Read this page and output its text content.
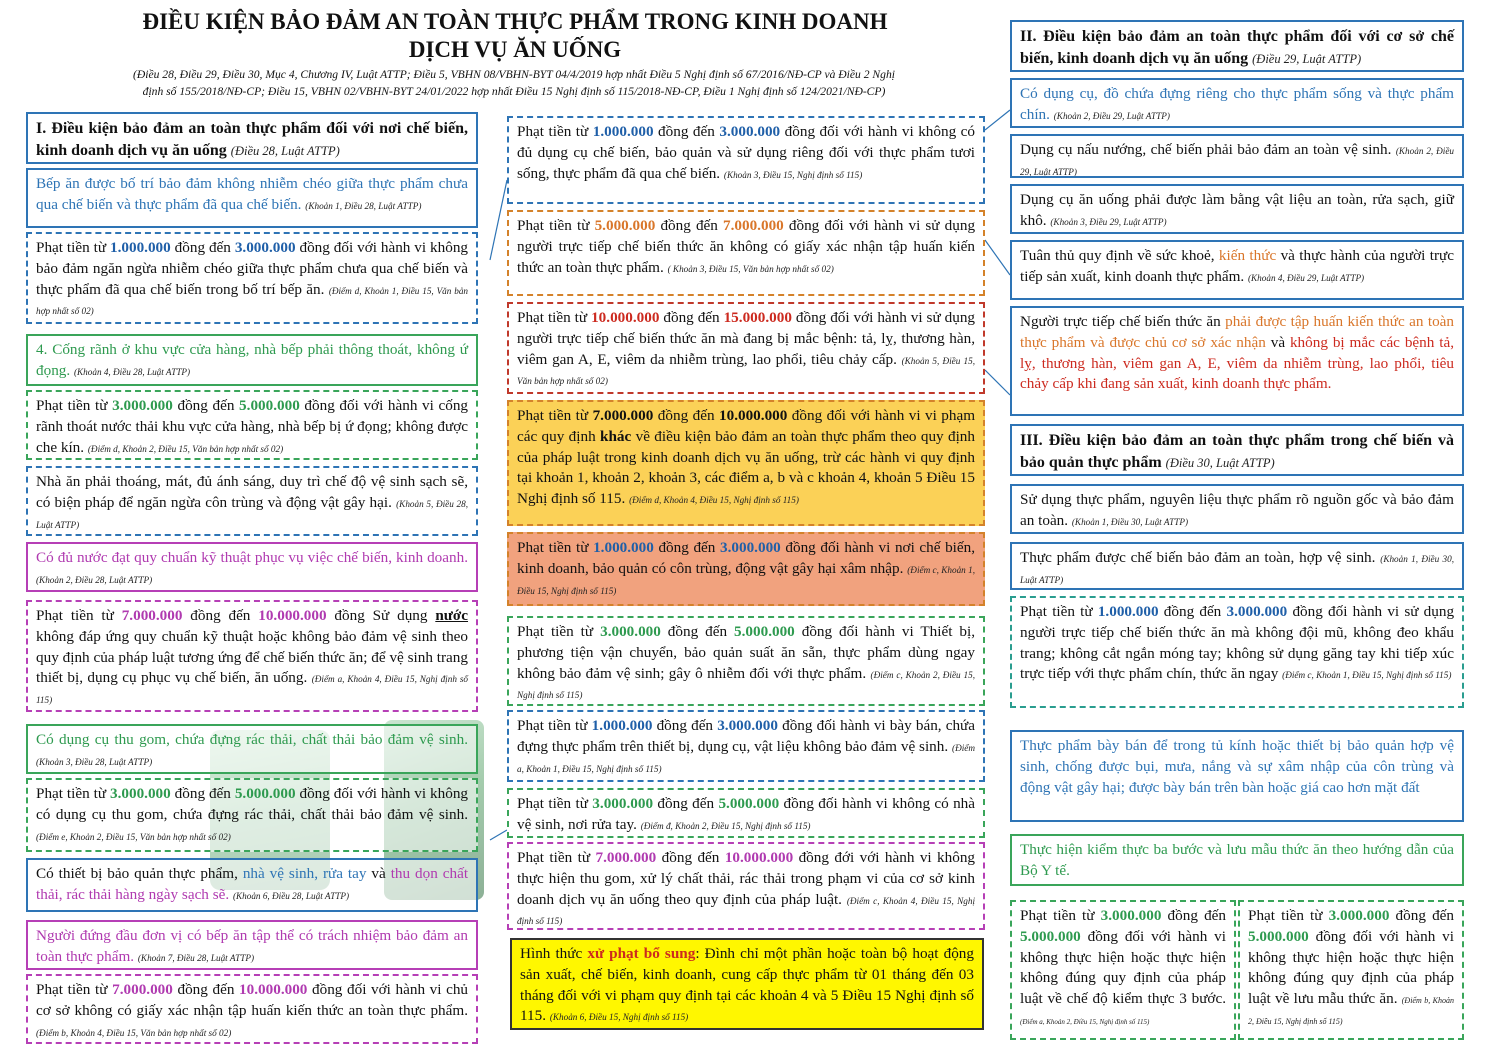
ĐIỀU KIỆN BẢO ĐẢM AN TOÀN THỰC PHẨM TRONG KINH DOANH
DỊCH VỤ ĂN UỐNG
(Điều 28, Điều 29, Điều 30, Mục 4, Chương IV, Luật ATTP; Điều 5, VBHN 08/VBHN-BYT 04/4/2019 hợp nhất Điều 5 Nghị định số 67/2016/NĐ-CP và Điều 2 Nghị
định số 155/2018/NĐ-CP; Điều 15, VBHN 02/VBHN-BYT 24/01/2022 hợp nhất Điều 15 Nghị định số 115/2018-NĐ-CP, Điều 1 Nghị định số 124/2021/NĐ-CP)
I. Điều kiện bảo đảm an toàn thực phẩm đối với nơi chế biến, kinh doanh dịch vụ ăn uống (Điều 28, Luật ATTP)
Bếp ăn được bố trí bảo đảm không nhiễm chéo giữa thực phẩm chưa qua chế biến và thực phẩm đã qua chế biến. (Khoản 1, Điều 28, Luật ATTP)
Phạt tiền từ 1.000.000 đồng đến 3.000.000 đồng đối với hành vi không bảo đảm ngăn ngừa nhiễm chéo giữa thực phẩm chưa qua chế biến và thực phẩm đã qua chế biến trong bố trí bếp ăn. (Điểm d, Khoản 1, Điều 15, Văn bản hợp nhất số 02)
4. Cống rãnh ở khu vực cửa hàng, nhà bếp phải thông thoát, không ứ đọng. (Khoản 4, Điều 28, Luật ATTP)
Phạt tiền từ 3.000.000 đồng đến 5.000.000 đồng đối với hành vi cống rãnh thoát nước thải khu vực cửa hàng, nhà bếp bị ứ đọng; không được che kín. (Điểm d, Khoản 2, Điều 15, Văn bản hợp nhất số 02)
Nhà ăn phải thoáng, mát, đủ ánh sáng, duy trì chế độ vệ sinh sạch sẽ, có biện pháp để ngăn ngừa côn trùng và động vật gây hại. (Khoản 5, Điều 28, Luật ATTP)
Có đủ nước đạt quy chuẩn kỹ thuật phục vụ việc chế biến, kinh doanh. (Khoản 2, Điều 28, Luật ATTP)
Phạt tiền từ 7.000.000 đồng đến 10.000.000 đồng Sử dụng nước không đáp ứng quy chuẩn kỹ thuật hoặc không bảo đảm vệ sinh theo quy định của pháp luật tương ứng để chế biến thức ăn; để vệ sinh trang thiết bị, dụng cụ phục vụ chế biến, ăn uống. (Điểm a, Khoản 4, Điều 15, Nghị định số 115)
Có dụng cụ thu gom, chứa đựng rác thải, chất thải bảo đảm vệ sinh. (Khoản 3, Điều 28, Luật ATTP)
Phạt tiền từ 3.000.000 đồng đến 5.000.000 đồng đối với hành vi không có dụng cụ thu gom, chứa đựng rác thải, chất thải bảo đảm vệ sinh. (Điểm e, Khoản 2, Điều 15, Văn bản hợp nhất số 02)
Có thiết bị bảo quản thực phẩm, nhà vệ sinh, rửa tay và thu dọn chất thải, rác thải hàng ngày sạch sẽ. (Khoản 6, Điều 28, Luật ATTP)
Người đứng đầu đơn vị có bếp ăn tập thể có trách nhiệm bảo đảm an toàn thực phẩm. (Khoản 7, Điều 28, Luật ATTP)
Phạt tiền từ 7.000.000 đồng đến 10.000.000 đồng đối với hành vi chủ cơ sở không có giấy xác nhận tập huấn kiến thức an toàn thực phẩm. (Điểm b, Khoản 4, Điều 15, Văn bản hợp nhất số 02)
Phạt tiền từ 1.000.000 đồng đến 3.000.000 đồng đối với hành vi không có đủ dụng cụ chế biến, bảo quản và sử dụng riêng đối với thực phẩm tươi sống, thực phẩm đã qua chế biến. (Khoản 3, Điều 15, Nghị định số 115)
Phạt tiền từ 5.000.000 đồng đến 7.000.000 đồng đối với hành vi sử dụng người trực tiếp chế biến thức ăn không có giấy xác nhận tập huấn kiến thức an toàn thực phẩm. ( Khoản 3, Điều 15, Văn bản hợp nhất số 02)
Phạt tiền từ 10.000.000 đồng đến 15.000.000 đồng đối với hành vi sử dụng người trực tiếp chế biến thức ăn mà đang bị mắc bệnh: tả, lỵ, thương hàn, viêm gan A, E, viêm da nhiễm trùng, lao phổi, tiêu chảy cấp. (Khoản 5, Điều 15, Văn bản hợp nhất số 02)
Phạt tiền từ 7.000.000 đồng đến 10.000.000 đồng đối với hành vi vi phạm các quy định khác về điều kiện bảo đảm an toàn thực phẩm theo quy định của pháp luật trong kinh doanh dịch vụ ăn uống, trừ các hành vi quy định tại khoản 1, khoản 2, khoản 3, các điểm a, b và c khoản 4, khoản 5 Điều 15 Nghị định số 115. (Điểm d, Khoản 4, Điều 15, Nghị định số 115)
Phạt tiền từ 1.000.000 đồng đến 3.000.000 đồng đối hành vi nơi chế biến, kinh doanh, bảo quản có côn trùng, động vật gây hại xâm nhập. (Điểm c, Khoản 1, Điều 15, Nghị định số 115)
Phạt tiền từ 3.000.000 đồng đến 5.000.000 đồng đối hành vi Thiết bị, phương tiện vận chuyển, bảo quản suất ăn sẵn, thực phẩm dùng ngay không bảo đảm vệ sinh; gây ô nhiễm đối với thực phẩm. (Điểm c, Khoản 2, Điều 15, Nghị định số 115)
Phạt tiền từ 1.000.000 đồng đến 3.000.000 đồng đối hành vi bày bán, chứa đựng thực phẩm trên thiết bị, dụng cụ, vật liệu không bảo đảm vệ sinh. (Điểm a, Khoản 1, Điều 15, Nghị định số 115)
Phạt tiền từ 3.000.000 đồng đến 5.000.000 đồng đối hành vi không có nhà vệ sinh, nơi rửa tay. (Điểm đ, Khoản 2, Điều 15, Nghị định số 115)
Phạt tiền từ 7.000.000 đồng đến 10.000.000 đồng đới với hành vi không thực hiện thu gom, xử lý chất thải, rác thải trong phạm vi của cơ sở kinh doanh dịch vụ ăn uống theo quy định của pháp luật. (Điểm c, Khoản 4, Điều 15, Nghị định số 115)
Hình thức xử phạt bổ sung: Đình chỉ một phần hoặc toàn bộ hoạt động sản xuất, chế biến, kinh doanh, cung cấp thực phẩm từ 01 tháng đến 03 tháng đối với vi phạm quy định tại các khoản 4 và 5 Điều 15 Nghị định số 115. (Khoản 6, Điều 15, Nghị định số 115)
II. Điều kiện bảo đảm an toàn thực phẩm đối với cơ sở chế biến, kinh doanh dịch vụ ăn uống (Điều 29, Luật ATTP)
Có dụng cụ, đồ chứa đựng riêng cho thực phẩm sống và thực phẩm chín. (Khoản 2, Điều 29, Luật ATTP)
Dụng cụ nấu nướng, chế biến phải bảo đảm an toàn vệ sinh. (Khoản 2, Điều 29, Luật ATTP)
Dụng cụ ăn uống phải được làm bằng vật liệu an toàn, rửa sạch, giữ khô. (Khoản 3, Điều 29, Luật ATTP)
Tuân thủ quy định về sức khoẻ, kiến thức và thực hành của người trực tiếp sản xuất, kinh doanh thực phẩm. (Khoản 4, Điều 29, Luật ATTP)
Người trực tiếp chế biến thức ăn phải được tập huấn kiến thức an toàn thực phẩm và được chủ cơ sở xác nhận và không bị mắc các bệnh tả, lỵ, thương hàn, viêm gan A, E, viêm da nhiễm trùng, lao phổi, tiêu chảy cấp khi đang sản xuất, kinh doanh thực phẩm.
III. Điều kiện bảo đảm an toàn thực phẩm trong chế biến và bảo quản thực phẩm (Điều 30, Luật ATTP)
Sử dụng thực phẩm, nguyên liệu thực phẩm rõ nguồn gốc và bảo đảm an toàn. (Khoản 1, Điều 30, Luật ATTP)
Thực phẩm được chế biến bảo đảm an toàn, hợp vệ sinh. (Khoản 1, Điều 30, Luật ATTP)
Phạt tiền từ 1.000.000 đồng đến 3.000.000 đồng đối hành vi sử dụng người trực tiếp chế biến thức ăn mà không đội mũ, không đeo khẩu trang; không cắt ngắn móng tay; không sử dụng găng tay khi tiếp xúc trực tiếp với thực phẩm chín, thức ăn ngay (Điểm c, Khoản 1, Điều 15, Nghị định số 115)
Thực phẩm bày bán để trong tủ kính hoặc thiết bị bảo quản hợp vệ sinh, chống được bụi, mưa, nắng và sự xâm nhập của côn trùng và động vật gây hại; được bày bán trên bàn hoặc giá cao hơn mặt đất
Thực hiện kiểm thực ba bước và lưu mẫu thức ăn theo hướng dẫn của Bộ Y tế.
Phạt tiền từ 3.000.000 đồng đến 5.000.000 đồng đối với hành vi không thực hiện hoặc thực hiện không đúng quy định của pháp luật về chế độ kiểm thực 3 bước. (Điểm a, Khoản 2, Điều 15, Nghị định số 115)
Phạt tiền từ 3.000.000 đồng đến 5.000.000 đồng đối với hành vi không thực hiện hoặc thực hiện không đúng quy định của pháp luật về lưu mẫu thức ăn. (Điểm b, Khoản 2, Điều 15, Nghị định số 115)
